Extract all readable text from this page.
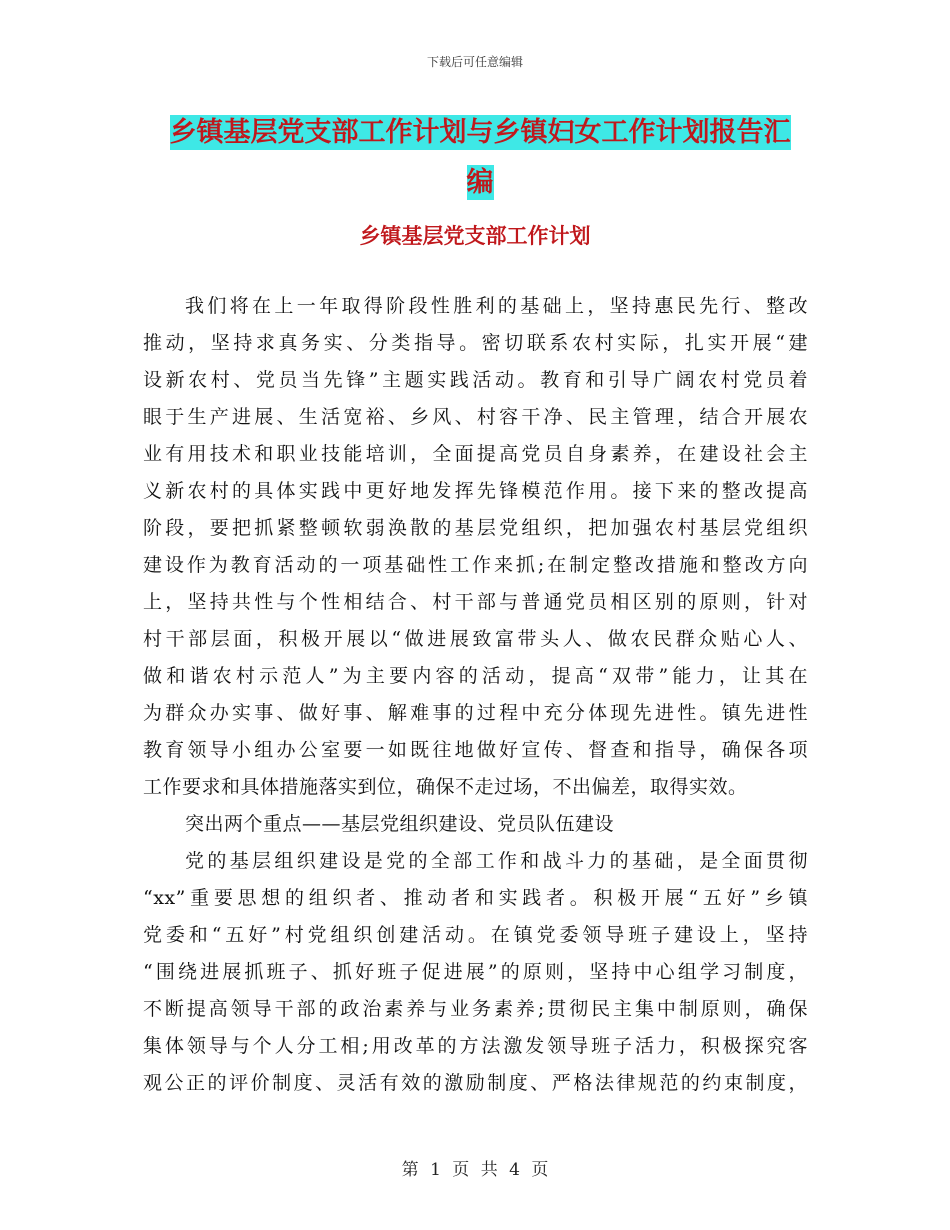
下载后可任意编辑
乡镇基层党支部工作计划与乡镇妇女工作计划报告汇
编
乡镇基层党支部工作计划
我们将在上一年取得阶段性胜利的基础上，坚持惠民先行、整改
推动，坚持求真务实、分类指导。密切联系农村实际，扎实开展“建
设新农村、党员当先锋”主题实践活动。教育和引导广阔农村党员着
眼于生产进展、生活宽裕、乡风、村容干净、民主管理，结合开展农
业有用技术和职业技能培训，全面提高党员自身素养，在建设社会主
义新农村的具体实践中更好地发挥先锋模范作用。接下来的整改提高
阶段，要把抓紧整顿软弱涣散的基层党组织，把加强农村基层党组织
建设作为教育活动的一项基础性工作来抓;在制定整改措施和整改方向
上，坚持共性与个性相结合、村干部与普通党员相区别的原则，针对
村干部层面，积极开展以“做进展致富带头人、做农民群众贴心人、
做和谐农村示范人”为主要内容的活动，提高“双带”能力，让其在
为群众办实事、做好事、解难事的过程中充分体现先进性。镇先进性
教育领导小组办公室要一如既往地做好宣传、督查和指导，确保各项
工作要求和具体措施落实到位，确保不走过场，不出偏差，取得实效。
突出两个重点——基层党组织建设、党员队伍建设
党的基层组织建设是党的全部工作和战斗力的基础，是全面贯彻
“xx”重要思想的组织者、推动者和实践者。积极开展“五好”乡镇
党委和“五好”村党组织创建活动。在镇党委领导班子建设上，坚持
“围绕进展抓班子、抓好班子促进展”的原则，坚持中心组学习制度，
不断提高领导干部的政治素养与业务素养;贯彻民主集中制原则，确保
集体领导与个人分工相;用改革的方法激发领导班子活力，积极探究客
观公正的评价制度、灵活有效的激励制度、严格法律规范的约束制度，
第 1 页 共 4 页
